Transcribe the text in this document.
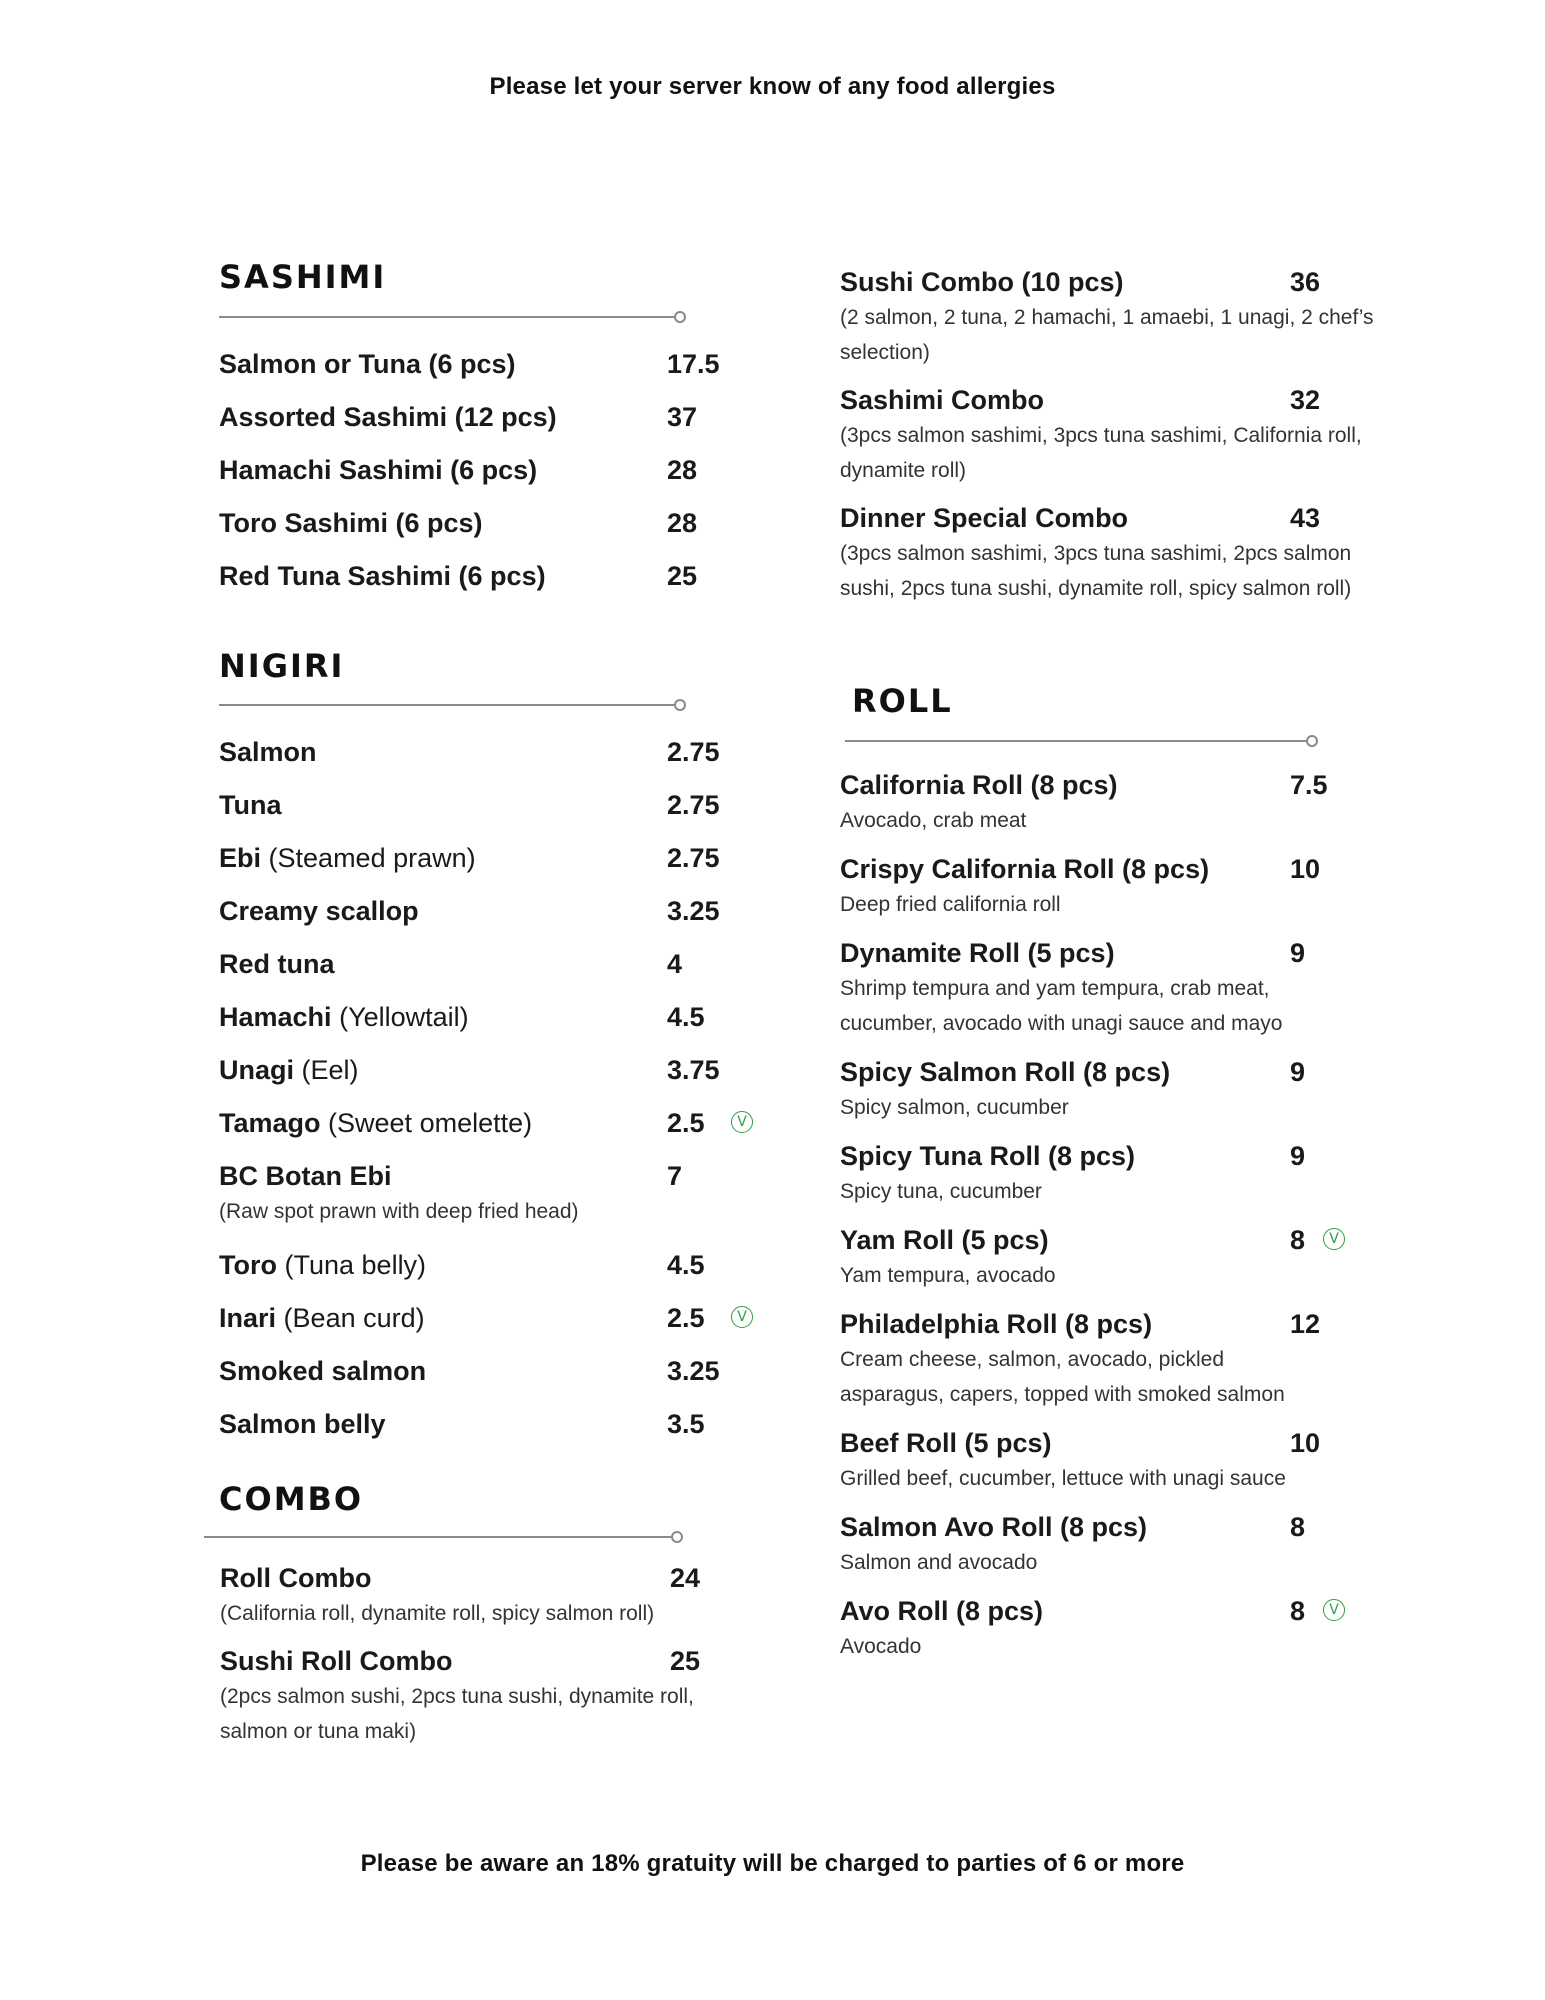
Please let your server know of any food allergies
SASHIMI
Salmon or Tuna (6 pcs)	17.5
Assorted Sashimi (12 pcs)	37
Hamachi Sashimi (6 pcs)	28
Toro Sashimi (6 pcs)	28
Red Tuna Sashimi (6 pcs)	25
NIGIRI
Salmon	2.75
Tuna	2.75
Ebi (Steamed prawn)	2.75
Creamy scallop	3.25
Red tuna	4
Hamachi (Yellowtail)	4.5
Unagi (Eel)	3.75
Tamago (Sweet omelette)	2.5	V
BC Botan Ebi	7
(Raw spot prawn with deep fried head)
Toro (Tuna belly)	4.5
Inari (Bean curd)	2.5	V
Smoked salmon	3.25
Salmon belly	3.5
COMBO
Roll Combo	24
(California roll, dynamite roll, spicy salmon roll)
Sushi Roll Combo	25
(2pcs salmon sushi, 2pcs tuna sushi, dynamite roll, salmon or tuna maki)
Sushi Combo (10 pcs)	36
(2 salmon, 2 tuna, 2 hamachi, 1 amaebi, 1 unagi, 2 chef’s selection)
Sashimi Combo	32
(3pcs salmon sashimi, 3pcs tuna sashimi, California roll, dynamite roll)
Dinner Special Combo	43
(3pcs salmon sashimi, 3pcs tuna sashimi, 2pcs salmon sushi, 2pcs tuna sushi, dynamite roll, spicy salmon roll)
ROLL
California Roll (8 pcs)	7.5
Avocado, crab meat
Crispy California Roll (8 pcs)	10
Deep fried california roll
Dynamite Roll (5 pcs)	9
Shrimp tempura and yam tempura, crab meat, cucumber, avocado with unagi sauce and mayo
Spicy Salmon Roll (8 pcs)	9
Spicy salmon, cucumber
Spicy Tuna Roll (8 pcs)	9
Spicy tuna, cucumber
Yam Roll (5 pcs)	8	V
Yam tempura, avocado
Philadelphia Roll (8 pcs)	12
Cream cheese, salmon, avocado, pickled asparagus, capers, topped with smoked salmon
Beef Roll (5 pcs)	10
Grilled beef, cucumber, lettuce with unagi sauce
Salmon Avo Roll (8 pcs)	8
Salmon and avocado
Avo Roll (8 pcs)	8	V
Avocado
Please be aware an 18% gratuity will be charged to parties of 6 or more
